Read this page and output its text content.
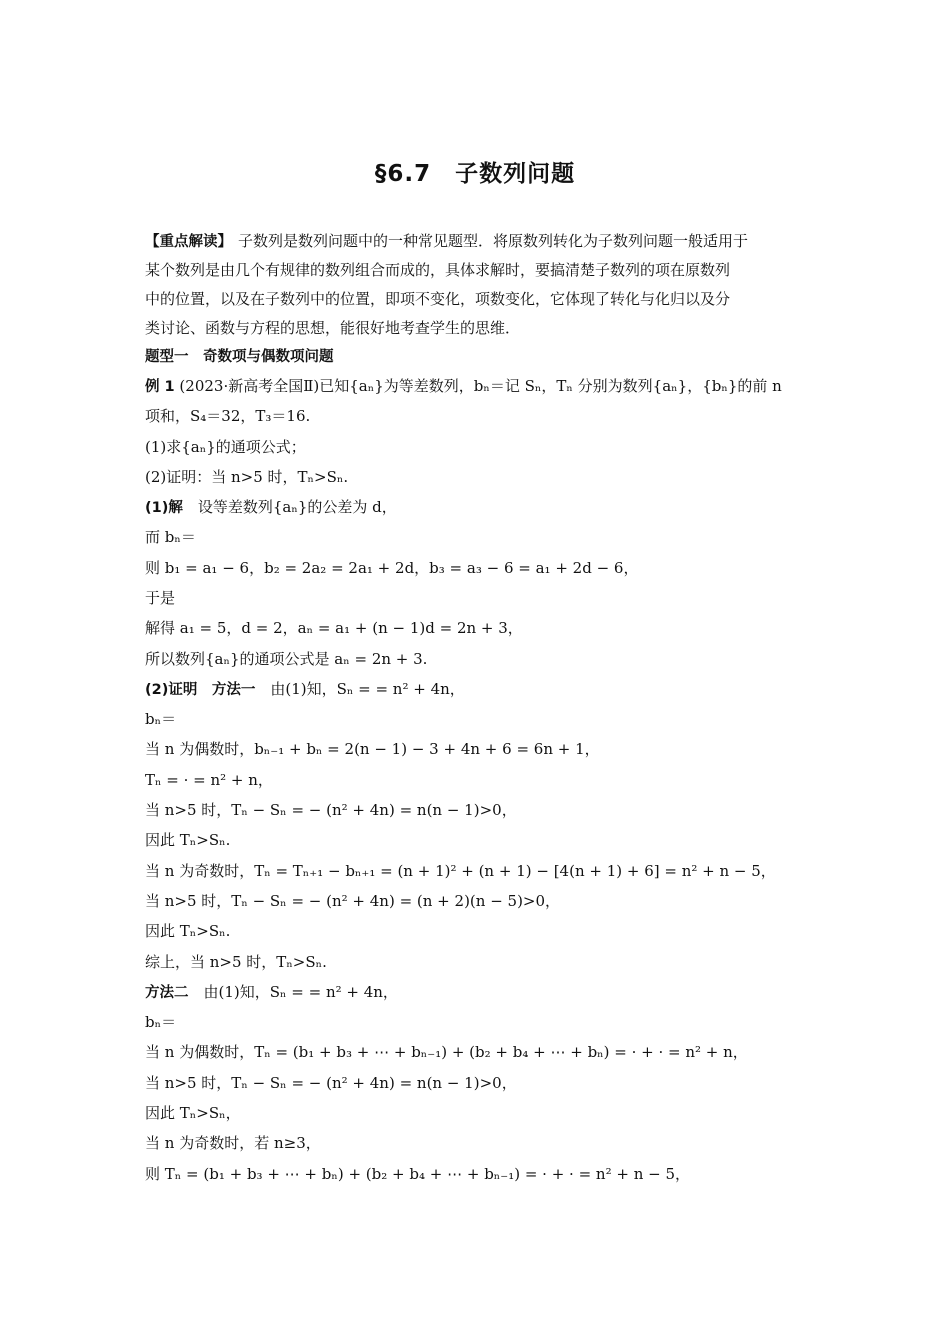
§6.7　子数列问题
【重点解读】 子数列是数列问题中的一种常见题型．将原数列转化为子数列问题一般适用于
某个数列是由几个有规律的数列组合而成的，具体求解时，要搞清楚子数列的项在原数列
中的位置，以及在子数列中的位置，即项不变化，项数变化，它体现了转化与化归以及分
类讨论、函数与方程的思想，能很好地考查学生的思维．
题型一　奇数项与偶数项问题
例 1 (2023·新高考全国Ⅱ)已知{aₙ}为等差数列，bₙ＝记 Sₙ，Tₙ 分别为数列{aₙ}，{bₙ}的前 n
项和，S₄＝32，T₃＝16.
(1)求{aₙ}的通项公式；
(2)证明：当 n>5 时，Tₙ>Sₙ.
(1)解　设等差数列{aₙ}的公差为 d，
而 bₙ＝
则 b₁ = a₁ − 6，b₂ = 2a₂ = 2a₁ + 2d，b₃ = a₃ − 6 = a₁ + 2d − 6，
于是
解得 a₁ = 5，d = 2，aₙ = a₁ + (n − 1)d = 2n + 3，
所以数列{aₙ}的通项公式是 aₙ = 2n + 3.
(2)证明　方法一　由(1)知，Sₙ = = n² + 4n，
bₙ＝
当 n 为偶数时，bₙ₋₁ + bₙ = 2(n − 1) − 3 + 4n + 6 = 6n + 1，
Tₙ = · = n² + n，
当 n>5 时，Tₙ − Sₙ = − (n² + 4n) = n(n − 1)>0，
因此 Tₙ>Sₙ.
当 n 为奇数时，Tₙ = Tₙ₊₁ − bₙ₊₁ = (n + 1)² + (n + 1) − [4(n + 1) + 6] = n² + n − 5，
当 n>5 时，Tₙ − Sₙ = − (n² + 4n) = (n + 2)(n − 5)>0，
因此 Tₙ>Sₙ.
综上，当 n>5 时，Tₙ>Sₙ.
方法二　由(1)知，Sₙ = = n² + 4n，
bₙ＝
当 n 为偶数时，Tₙ = (b₁ + b₃ + ⋯ + bₙ₋₁) + (b₂ + b₄ + ⋯ + bₙ) = · + · = n² + n，
当 n>5 时，Tₙ − Sₙ = − (n² + 4n) = n(n − 1)>0，
因此 Tₙ>Sₙ，
当 n 为奇数时，若 n≥3，
则 Tₙ = (b₁ + b₃ + ⋯ + bₙ) + (b₂ + b₄ + ⋯ + bₙ₋₁) = · + · = n² + n − 5，
